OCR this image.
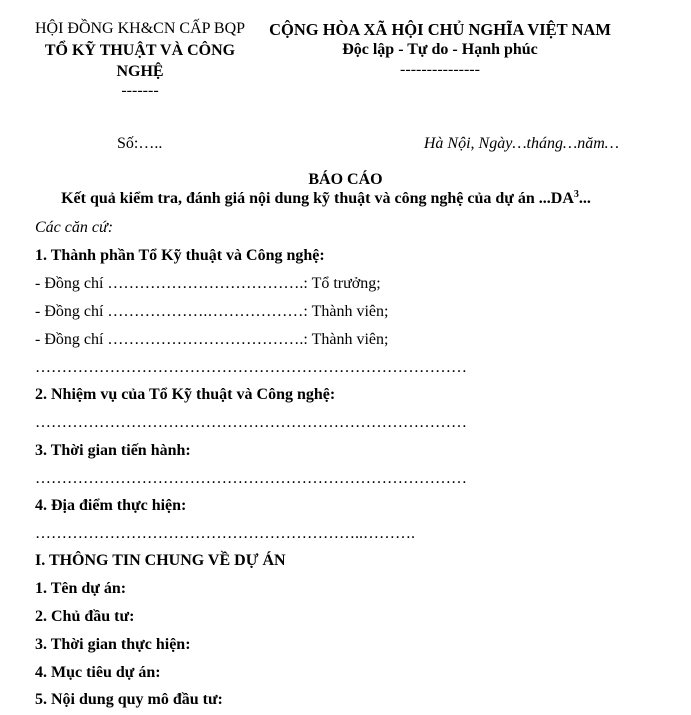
HỘI ĐỒNG KH&CN CẤP BQP
TỔ KỸ THUẬT VÀ CÔNG NGHỆ
-------
CỘNG HÒA XÃ HỘI CHỦ NGHĨA VIỆT NAM
Độc lập - Tự do - Hạnh phúc
---------------
Số:…..	Hà Nội, Ngày…tháng…năm…
BÁO CÁO
Kết quả kiểm tra, đánh giá nội dung kỹ thuật và công nghệ của dự án $...DA^3$...
Các căn cứ:
1. Thành phần Tổ Kỹ thuật và Công nghệ:
- Đồng chí ……………………………….: Tổ trưởng;
- Đồng chí ……………….………………: Thành viên;
- Đồng chí ……………………………….: Thành viên;
………………………………………………………………………
2. Nhiệm vụ của Tổ Kỹ thuật và Công nghệ:
………………………………………………………………………
3. Thời gian tiến hành:
………………………………………………………………………
4. Địa điểm thực hiện:
……………………………………………………..……….
I. THÔNG TIN CHUNG VỀ DỰ ÁN
1. Tên dự án:
2. Chủ đầu tư:
3. Thời gian thực hiện:
4. Mục tiêu dự án:
5. Nội dung quy mô đầu tư:
